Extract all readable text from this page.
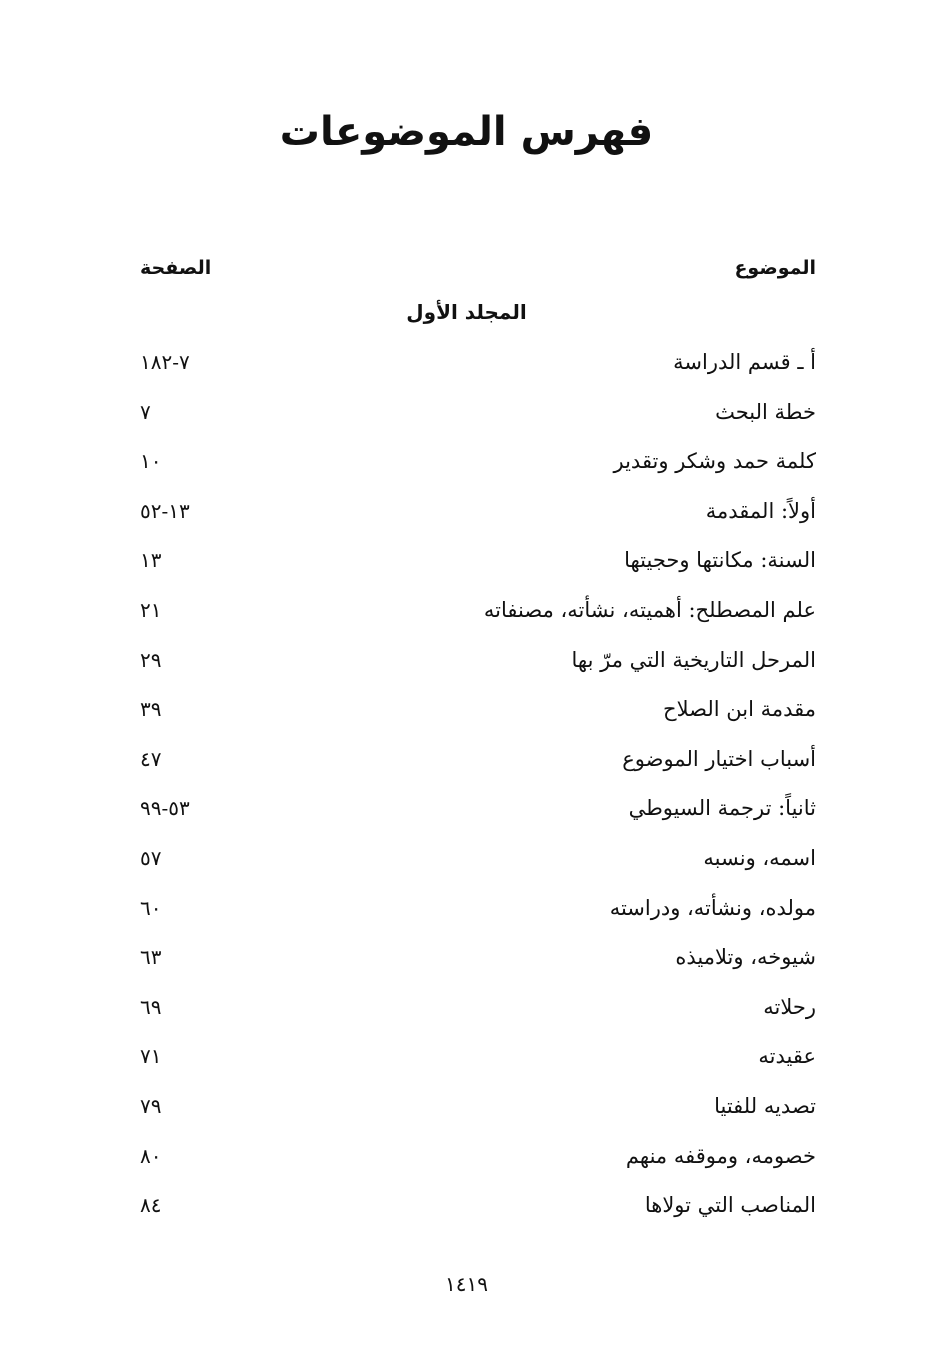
فهرس الموضوعات
الموضوع
الصفحة
المجلد الأول
أ ـ قسم الدراسة
٧-١٨٢
خطة البحث
٧
كلمة حمد وشكر وتقدير
١٠
أولاً: المقدمة
١٣-٥٢
السنة: مكانتها وحجيتها
١٣
علم المصطلح: أهميته، نشأته، مصنفاته
٢١
المرحل التاريخية التي مرّ بها
٢٩
مقدمة ابن الصلاح
٣٩
أسباب اختيار الموضوع
٤٧
ثانياً: ترجمة السيوطي
٥٣-٩٩
اسمه، ونسبه
٥٧
مولده، ونشأته، ودراسته
٦٠
شيوخه، وتلاميذه
٦٣
رحلاته
٦٩
عقيدته
٧١
تصديه للفتيا
٧٩
خصومه، وموقفه منهم
٨٠
المناصب التي تولاها
٨٤
١٤١٩
